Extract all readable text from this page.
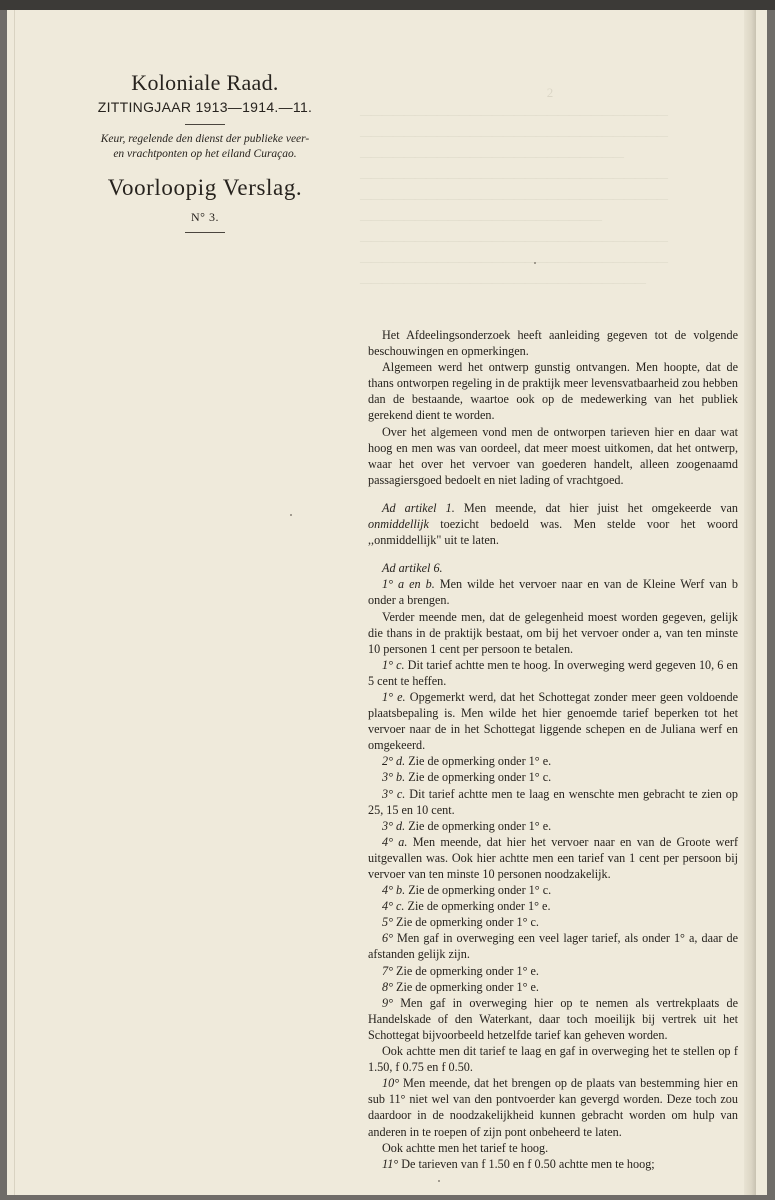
Koloniale Raad.
ZITTINGJAAR 1913—1914.—11.
Keur, regelende den dienst der publieke veer-
en vrachtponten op het eiland Curaçao.
Voorloopig Verslag.
N° 3.

Het Afdeelingsonderzoek heeft aanleiding gegeven tot de volgende beschouwingen en opmerkingen.

Algemeen werd het ontwerp gunstig ontvangen. Men hoopte, dat de thans ontworpen regeling in de praktijk meer levensvatbaarheid zou hebben dan de bestaande, waartoe ook op de medewerking van het publiek gerekend dient te worden.

Over het algemeen vond men de ontworpen tarieven hier en daar wat hoog en men was van oordeel, dat meer moest uitkomen, dat het ontwerp, waar het over het vervoer van goederen handelt, alleen zoogenaamd passagiersgoed bedoelt en niet lading of vrachtgoed.

Ad artikel 1. Men meende, dat hier juist het omgekeerde van onmiddellijk toezicht bedoeld was. Men stelde voor het woord ,,onmiddellijk" uit te laten.

Ad artikel 6.

1° a en b. Men wilde het vervoer naar en van de Kleine Werf van b onder a brengen.

Verder meende men, dat de gelegenheid moest worden gegeven, gelijk die thans in de praktijk bestaat, om bij het vervoer onder a, van ten minste 10 personen 1 cent per persoon te betalen.

1° c. Dit tarief achtte men te hoog. In overweging werd gegeven 10, 6 en 5 cent te heffen.

1° e. Opgemerkt werd, dat het Schottegat zonder meer geen voldoende plaatsbepaling is. Men wilde het hier genoemde tarief beperken tot het vervoer naar de in het Schottegat liggende schepen en de Juliana werf en omgekeerd.

2° d. Zie de opmerking onder 1° e.

3° b. Zie de opmerking onder 1° c.

3° c. Dit tarief achtte men te laag en wenschte men gebracht te zien op 25, 15 en 10 cent.

3° d. Zie de opmerking onder 1° e.

4° a. Men meende, dat hier het vervoer naar en van de Groote werf uitgevallen was. Ook hier achtte men een tarief van 1 cent per persoon bij vervoer van ten minste 10 personen noodzakelijk.

4° b. Zie de opmerking onder 1° c.

4° c. Zie de opmerking onder 1° e.

5° Zie de opmerking onder 1° c.

6° Men gaf in overweging een veel lager tarief, als onder 1° a, daar de afstanden gelijk zijn.

7° Zie de opmerking onder 1° e.

8° Zie de opmerking onder 1° e.

9° Men gaf in overweging hier op te nemen als vertrekplaats de Handelskade of den Waterkant, daar toch moeilijk bij vertrek uit het Schottegat bijvoorbeeld hetzelfde tarief kan geheven worden.

Ook achtte men dit tarief te laag en gaf in overweging het te stellen op f 1.50, f 0.75 en f 0.50.

10° Men meende, dat het brengen op de plaats van bestemming hier en sub 11° niet wel van den pontvoerder kan gevergd worden. Deze toch zou daardoor in de noodzakelijkheid kunnen gebracht worden om hulp van anderen in te roepen of zijn pont onbeheerd te laten.

Ook achtte men het tarief te hoog.

11° De tarieven van f 1.50 en f 0.50 achtte men te hoog;
